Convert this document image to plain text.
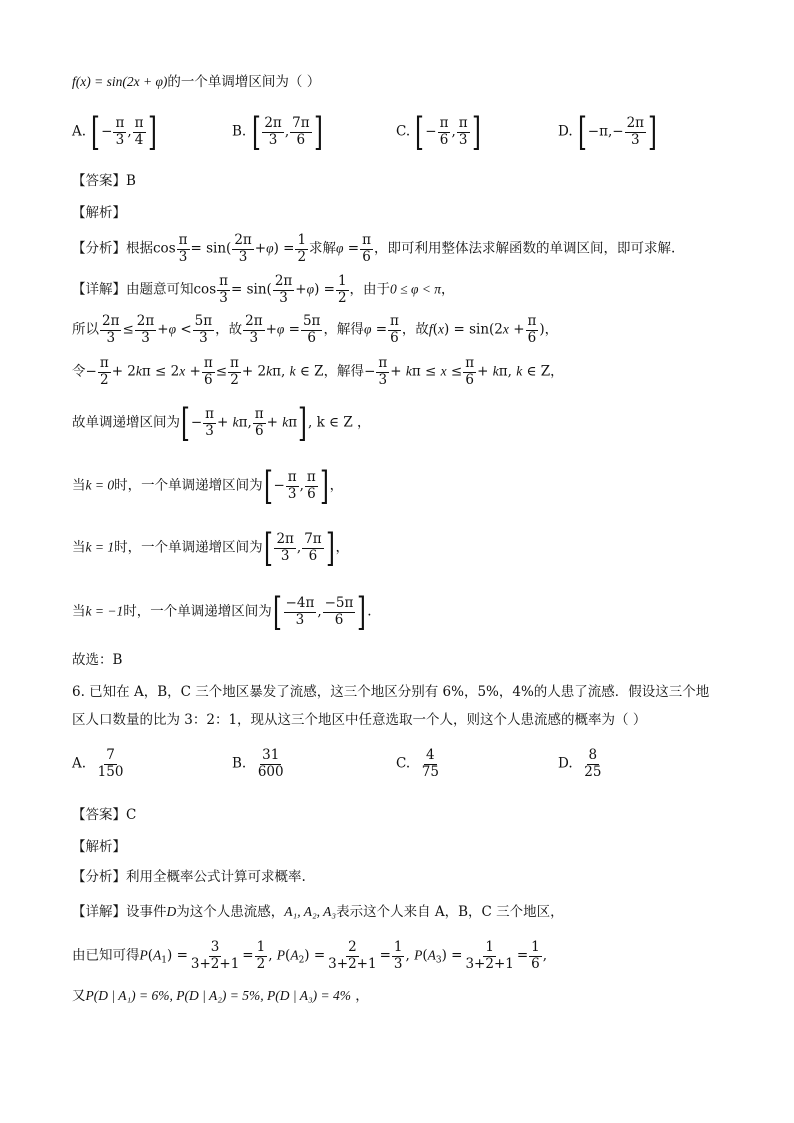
f(x) = sin(2x + φ)的一个单调增区间为（ ）
A. [− $\frac{\pi}{3}$ , $\frac{\pi}{4}$ ]	B. [ $\frac{2\pi}{3}$ , $\frac{7\pi}{6}$ ]	C. [− $\frac{\pi}{6}$ , $\frac{\pi}{3}$ ]	D. [$-\pi,- \frac{2\pi}{3}$ ]
【答案】B
【解析】
【分析】根据$\cos \frac{\pi}{3} = \sin( \frac{2\pi}{3} +\varphi) = \frac{1}{2}$ 求解$\varphi = \frac{\pi}{6}$ ，即可利用整体法求解函数的单调区间，即可求解.
【详解】由题意可知$\cos \frac{\pi}{3} = \sin( \frac{2\pi}{3} +\varphi) = \frac{1}{2}$ ，由于0 ≤ φ < π，
所以 $\frac{2\pi}{3} \le \frac{2\pi}{3} +\varphi < \frac{5\pi}{3}$ ，故 $\frac{2\pi}{3} +\varphi = \frac{5\pi}{6}$ ，解得$\varphi = \frac{\pi}{6}$ ，故$f(x) = \sin(2x + \frac{\pi}{6}$ )，
令− $\frac{\pi}{2} + 2k\pi \le 2x + \frac{\pi}{6} \le \frac{\pi}{2} + 2k\pi$, k ∈ Z，解得− $\frac{\pi}{3} + k\pi \le x \le \frac{\pi}{6} + k\pi$, k ∈ Z，
故单调递增区间为[− $\frac{\pi}{3} + k\pi$, $\frac{\pi}{6} + k\pi$], k ∈ Z ，
当k = 0时，一个单调递增区间为[− $\frac{\pi}{3}$ , $\frac{\pi}{6}$ ]，
当k = 1时，一个单调递增区间为[ $\frac{2\pi}{3}$ , $\frac{7\pi}{6}$ ]，
当k = −1时，一个单调递增区间为[ $\frac{-4\pi}{3}$ , $\frac{-5\pi}{6}$ ].
故选：B
6. 已知在 A，B，C 三个地区暴发了流感，这三个地区分别有 6%，5%，4%的人患了流感．假设这三个地
区人口数量的比为 3：2：1，现从这三个地区中任意选取一个人，则这个人患流感的概率为（ ）
A. $\frac{7}{150}$	B. $\frac{31}{600}$	C. $\frac{4}{75}$	D. $\frac{8}{25}$
【答案】C
【解析】
【分析】利用全概率公式计算可求概率.
【详解】设事件D为这个人患流感，A₁, A₂, A₃表示这个人来自 A，B，C 三个地区，
由已知可得$P(A_1) = \frac{3}{3+2+1} = \frac{1}{2}$ , $P(A_2) = \frac{2}{3+2+1} = \frac{1}{3}$ , $P(A_3) = \frac{1}{3+2+1} = \frac{1}{6}$ ,
又P(D | A₁) = 6%, P(D | A₂) = 5%, P(D | A₃) = 4% ，
